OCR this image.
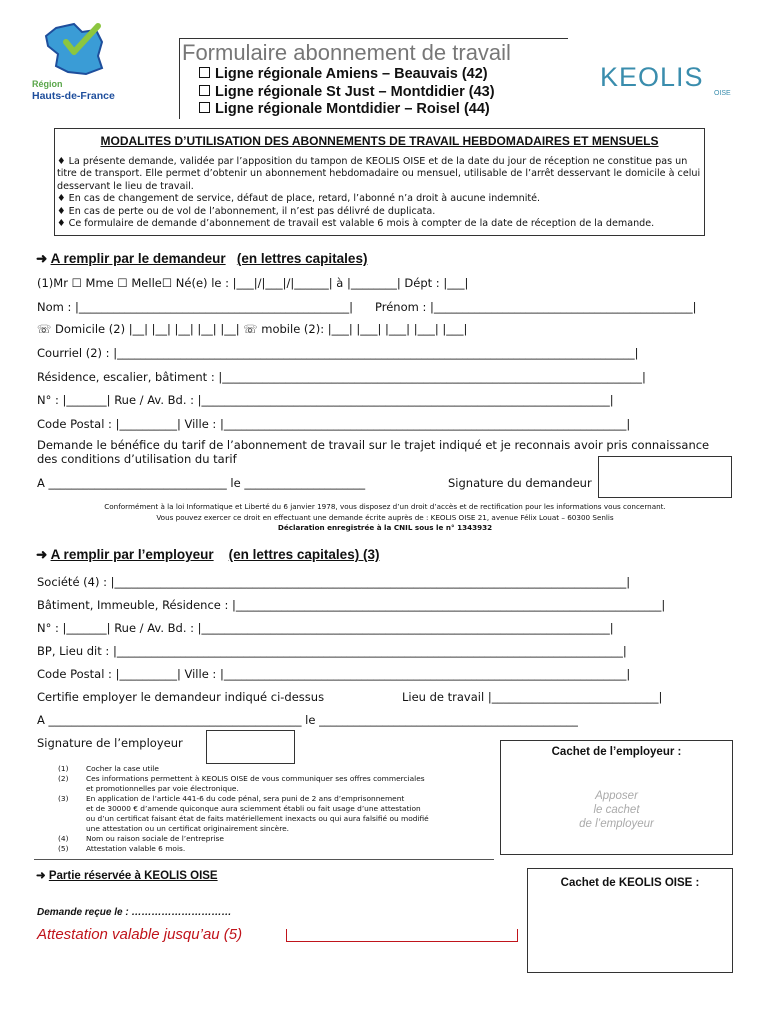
Région
Hauts-de-France
Formulaire abonnement de travail
Ligne régionale Amiens – Beauvais (42)
Ligne régionale St Just – Montdidier (43)
Ligne régionale Montdidier – Roisel (44)
KEOLIS
OISE
MODALITES D’UTILISATION DES ABONNEMENTS DE TRAVAIL HEBDOMADAIRES ET MENSUELS
♦ La présente demande, validée par l’apposition du tampon de KEOLIS OISE et de la date du jour de réception ne constitue pas un titre de transport. Elle permet d’obtenir un abonnement hebdomadaire ou mensuel, utilisable de l’arrêt desservant le domicile à celui desservant le lieu de travail.
♦ En cas de changement de service, défaut de place, retard, l’abonné n’a droit à aucune indemnité.
♦ En cas de perte ou de vol de l’abonnement, il n’est pas délivré de duplicata.
♦ Ce formulaire de demande d’abonnement de travail est valable 6 mois à compter de la date de réception de la demande.
➜ A remplir par le demandeur (en lettres capitales)
(1)Mr ☐ Mme ☐ Melle☐ Né(e) le : |___|/|___|/|______| à |________| Dépt : |___|
Nom : |_______________________________________________| Prénom : |_____________________________________________|
☏ Domicile (2) |__| |__| |__| |__| |__| ☏ mobile (2): |___| |___| |___| |___| |___|
Courriel (2) : |__________________________________________________________________________________________|
Résidence, escalier, bâtiment : |_________________________________________________________________________|
N° : |_______| Rue / Av. Bd. : |_______________________________________________________________________|
Code Postal : |__________| Ville : |______________________________________________________________________|
Demande le bénéfice du tarif de l’abonnement de travail sur le trajet indiqué et je reconnais avoir pris connaissance des conditions d’utilisation du tarif
A _______________________________ le _____________________	Signature du demandeur
Conformément à la loi Informatique et Liberté du 6 janvier 1978, vous disposez d’un droit d’accès et de rectification pour les informations vous concernant.
Vous pouvez exercer ce droit en effectuant une demande écrite auprès de : KEOLIS OISE 21, avenue Félix Louat – 60300 Senlis
Déclaration enregistrée à la CNIL sous le n° 1343932
➜ A remplir par l’employeur (en lettres capitales) (3)
Société (4) : |_________________________________________________________________________________________|
Bâtiment, Immeuble, Résidence : |__________________________________________________________________________|
N° : |_______| Rue / Av. Bd. : |_______________________________________________________________________|
BP, Lieu dit : |________________________________________________________________________________________|
Code Postal : |__________| Ville : |______________________________________________________________________|
Certifie employer le demandeur indiqué ci-dessus	Lieu de travail |_____________________________|
A ____________________________________________ le _____________________________________________
Signature de l’employeur
Cachet de l’employeur :
Apposer
le cachet
de l’employeur
(1) Cocher la case utile
(2) Ces informations permettent à KEOLIS OISE de vous communiquer ses offres commerciales
et promotionnelles par voie électronique.
(3) En application de l’article 441-6 du code pénal, sera puni de 2 ans d’emprisonnement
et de 30000 € d’amende quiconque aura sciemment établi ou fait usage d’une attestation
ou d’un certificat faisant état de faits matériellement inexacts ou qui aura falsifié ou modifié
une attestation ou un certificat originairement sincère.
(4) Nom ou raison sociale de l’entreprise
(5) Attestation valable 6 mois.
➜ Partie réservée à KEOLIS OISE
Demande reçue le : …………………………
Attestation valable jusqu’au (5)
Cachet de KEOLIS OISE :
